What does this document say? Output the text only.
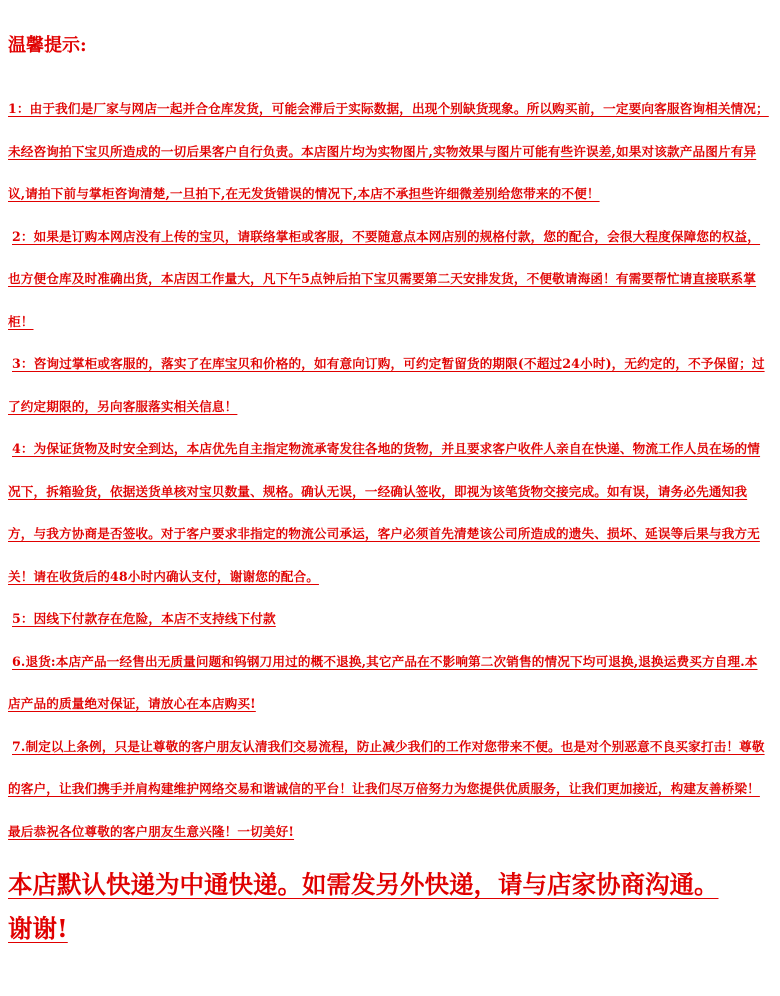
温馨提示:

1：由于我们是厂家与网店一起并合仓库发货，可能会滞后于实际数据，出现个别缺货现象。所以购买前，一定要向客服咨询相关情况；未经咨询拍下宝贝所造成的一切后果客户自行负责。本店图片均为实物图片,实物效果与图片可能有些许误差,如果对该款产品图片有异议,请拍下前与掌柜咨询清楚,一旦拍下,在无发货错误的情况下,本店不承担些许细微差别给您带来的不便！

2：如果是订购本网店没有上传的宝贝，请联络掌柜或客服，不要随意点本网店别的规格付款，您的配合，会很大程度保障您的权益，也方便仓库及时准确出货，本店因工作量大，凡下午5点钟后拍下宝贝需要第二天安排发货，不便敬请海函！有需要帮忙请直接联系掌柜！

3：咨询过掌柜或客服的，落实了在库宝贝和价格的，如有意向订购，可约定暂留货的期限(不超过24小时)，无约定的，不予保留；过了约定期限的，另向客服落实相关信息！

4：为保证货物及时安全到达，本店优先自主指定物流承寄发往各地的货物，并且要求客户收件人亲自在快递、物流工作人员在场的情况下，拆箱验货，依据送货单核对宝贝数量、规格。确认无误，一经确认签收，即视为该笔货物交接完成。如有误，请务必先通知我方，与我方协商是否签收。对于客户要求非指定的物流公司承运，客户必须首先清楚该公司所造成的遗失、损坏、延误等后果与我方无关！请在收货后的48小时内确认支付，谢谢您的配合。

5：因线下付款存在危险，本店不支持线下付款

6.退货:本店产品一经售出无质量问题和钨钢刀用过的概不退换,其它产品在不影响第二次销售的情况下均可退换,退换运费买方自理.本店产品的质量绝对保证，请放心在本店购买!

7.制定以上条例，只是让尊敬的客户朋友认清我们交易流程，防止减少我们的工作对您带来不便。也是对个别恶意不良买家打击！尊敬的客户，让我们携手并肩构建维护网络交易和谐诚信的平台！让我们尽万倍努力为您提供优质服务，让我们更加接近，构建友善桥梁！最后恭祝各位尊敬的客户朋友生意兴隆！一切美好!

本店默认快递为中通快递。如需发另外快递，请与店家协商沟通。谢谢!
